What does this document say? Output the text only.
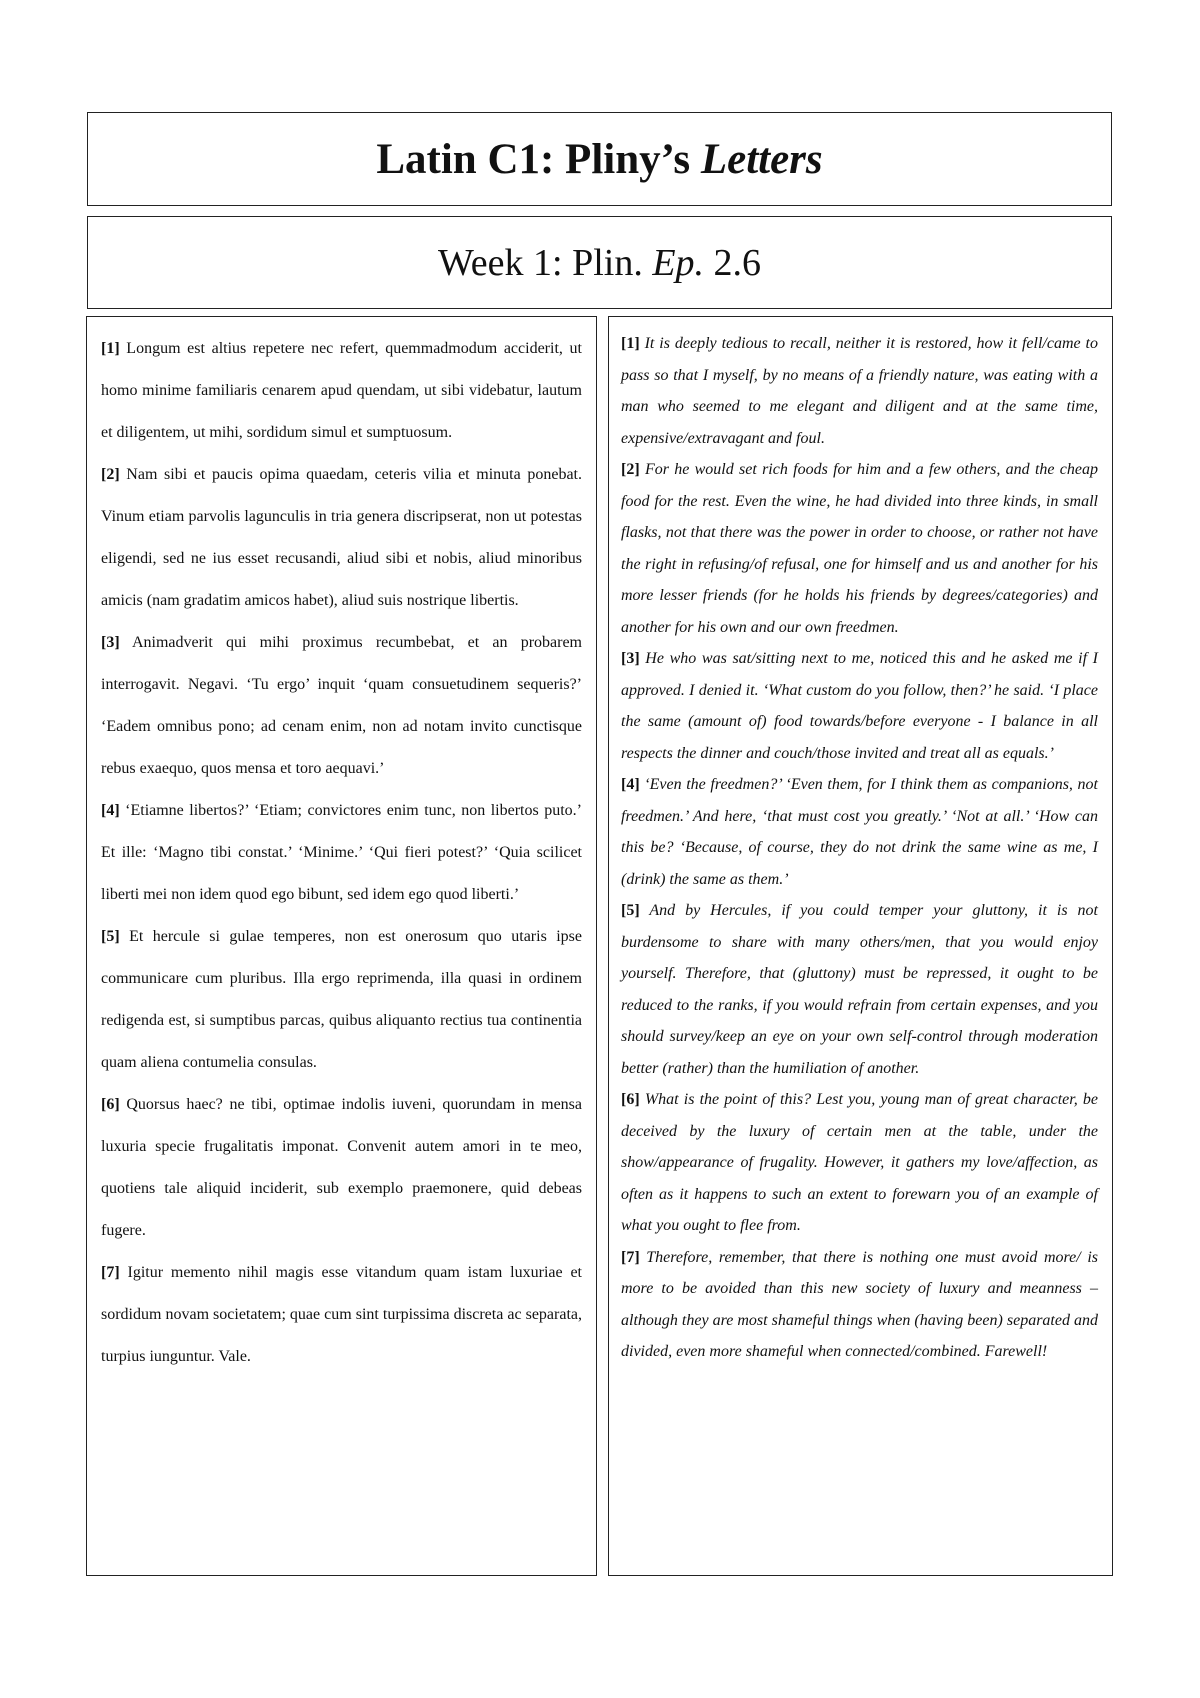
Latin C1: Pliny’s Letters
Week 1: Plin. Ep. 2.6

[1] Longum est altius repetere nec refert, quemmadmodum acciderit, ut homo minime familiaris cenarem apud quendam, ut sibi videbatur, lautum et diligentem, ut mihi, sordidum simul et sumptuosum.

[2] Nam sibi et paucis opima quaedam, ceteris vilia et minuta ponebat. Vinum etiam parvolis lagunculis in tria genera discripserat, non ut potestas eligendi, sed ne ius esset recusandi, aliud sibi et nobis, aliud minoribus amicis (nam gradatim amicos habet), aliud suis nostrique libertis.

[3] Animadverit qui mihi proximus recumbebat, et an probarem interrogavit. Negavi. ‘Tu ergo’ inquit ‘quam consuetudinem sequeris?’ ‘Eadem omnibus pono; ad cenam enim, non ad notam invito cunctisque rebus exaequo, quos mensa et toro aequavi.’

[4] ‘Etiamne libertos?’ ‘Etiam; convictores enim tunc, non libertos puto.’ Et ille: ‘Magno tibi constat.’ ‘Minime.’ ‘Qui fieri potest?’ ‘Quia scilicet liberti mei non idem quod ego bibunt, sed idem ego quod liberti.’

[5] Et hercule si gulae temperes, non est onerosum quo utaris ipse communicare cum pluribus. Illa ergo reprimenda, illa quasi in ordinem redigenda est, si sumptibus parcas, quibus aliquanto rectius tua continentia quam aliena contumelia consulas.

[6] Quorsus haec? ne tibi, optimae indolis iuveni, quorundam in mensa luxuria specie frugalitatis imponat. Convenit autem amori in te meo, quotiens tale aliquid inciderit, sub exemplo praemonere, quid debeas fugere.

[7] Igitur memento nihil magis esse vitandum quam istam luxuriae et sordidum novam societatem; quae cum sint turpissima discreta ac separata, turpius iunguntur. Vale.

[1] It is deeply tedious to recall, neither it is restored, how it fell/came to pass so that I myself, by no means of a friendly nature, was eating with a man who seemed to me elegant and diligent and at the same time, expensive/extravagant and foul.

[2] For he would set rich foods for him and a few others, and the cheap food for the rest. Even the wine, he had divided into three kinds, in small flasks, not that there was the power in order to choose, or rather not have the right in refusing/of refusal, one for himself and us and another for his more lesser friends (for he holds his friends by degrees/categories) and another for his own and our own freedmen.

[3] He who was sat/sitting next to me, noticed this and he asked me if I approved. I denied it. ‘What custom do you follow, then?’ he said. ‘I place the same (amount of) food towards/before everyone - I balance in all respects the dinner and couch/those invited and treat all as equals.’

[4] ‘Even the freedmen?’ ‘Even them, for I think them as companions, not freedmen.’ And here, ‘that must cost you greatly.’ ‘Not at all.’ ‘How can this be? ‘Because, of course, they do not drink the same wine as me, I (drink) the same as them.’

[5] And by Hercules, if you could temper your gluttony, it is not burdensome to share with many others/men, that you would enjoy yourself. Therefore, that (gluttony) must be repressed, it ought to be reduced to the ranks, if you would refrain from certain expenses, and you should survey/keep an eye on your own self-control through moderation better (rather) than the humiliation of another.

[6] What is the point of this? Lest you, young man of great character, be deceived by the luxury of certain men at the table, under the show/appearance of frugality. However, it gathers my love/affection, as often as it happens to such an extent to forewarn you of an example of what you ought to flee from.

[7] Therefore, remember, that there is nothing one must avoid more/ is more to be avoided than this new society of luxury and meanness – although they are most shameful things when (having been) separated and divided, even more shameful when connected/combined. Farewell!
